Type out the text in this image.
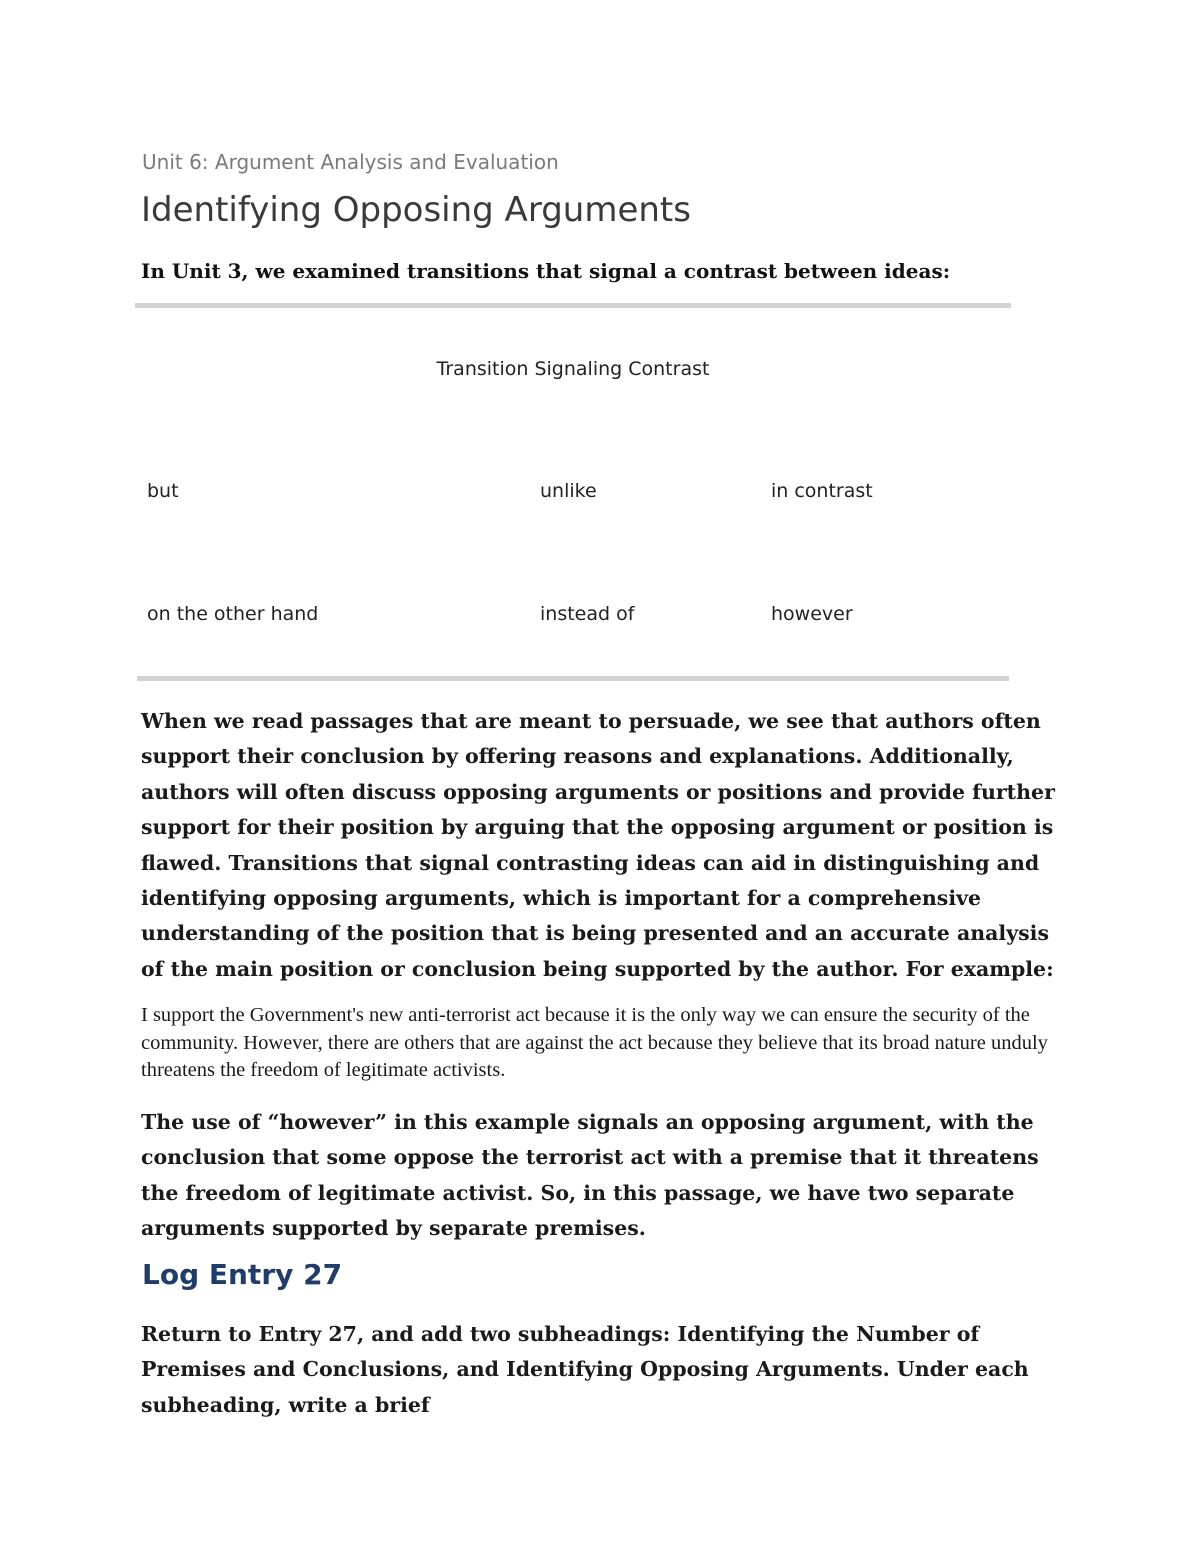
Unit 6: Argument Analysis and Evaluation
Identifying Opposing Arguments

In Unit 3, we examined transitions that signal a contrast between ideas:

Transition Signaling Contrast
but	unlike	in contrast
on the other hand	instead of	however

When we read passages that are meant to persuade, we see that authors often support their conclusion by offering reasons and explanations. Additionally, authors will often discuss opposing arguments or positions and provide further support for their position by arguing that the opposing argument or position is flawed. Transitions that signal contrasting ideas can aid in distinguishing and identifying opposing arguments, which is important for a comprehensive understanding of the position that is being presented and an accurate analysis of the main position or conclusion being supported by the author. For example:

I support the Government's new anti-terrorist act because it is the only way we can ensure the security of the community. However, there are others that are against the act because they believe that its broad nature unduly threatens the freedom of legitimate activists.

The use of “however” in this example signals an opposing argument, with the conclusion that some oppose the terrorist act with a premise that it threatens the freedom of legitimate activist. So, in this passage, we have two separate arguments supported by separate premises.

Log Entry 27

Return to Entry 27, and add two subheadings: Identifying the Number of Premises and Conclusions, and Identifying Opposing Arguments. Under each subheading, write a brief
